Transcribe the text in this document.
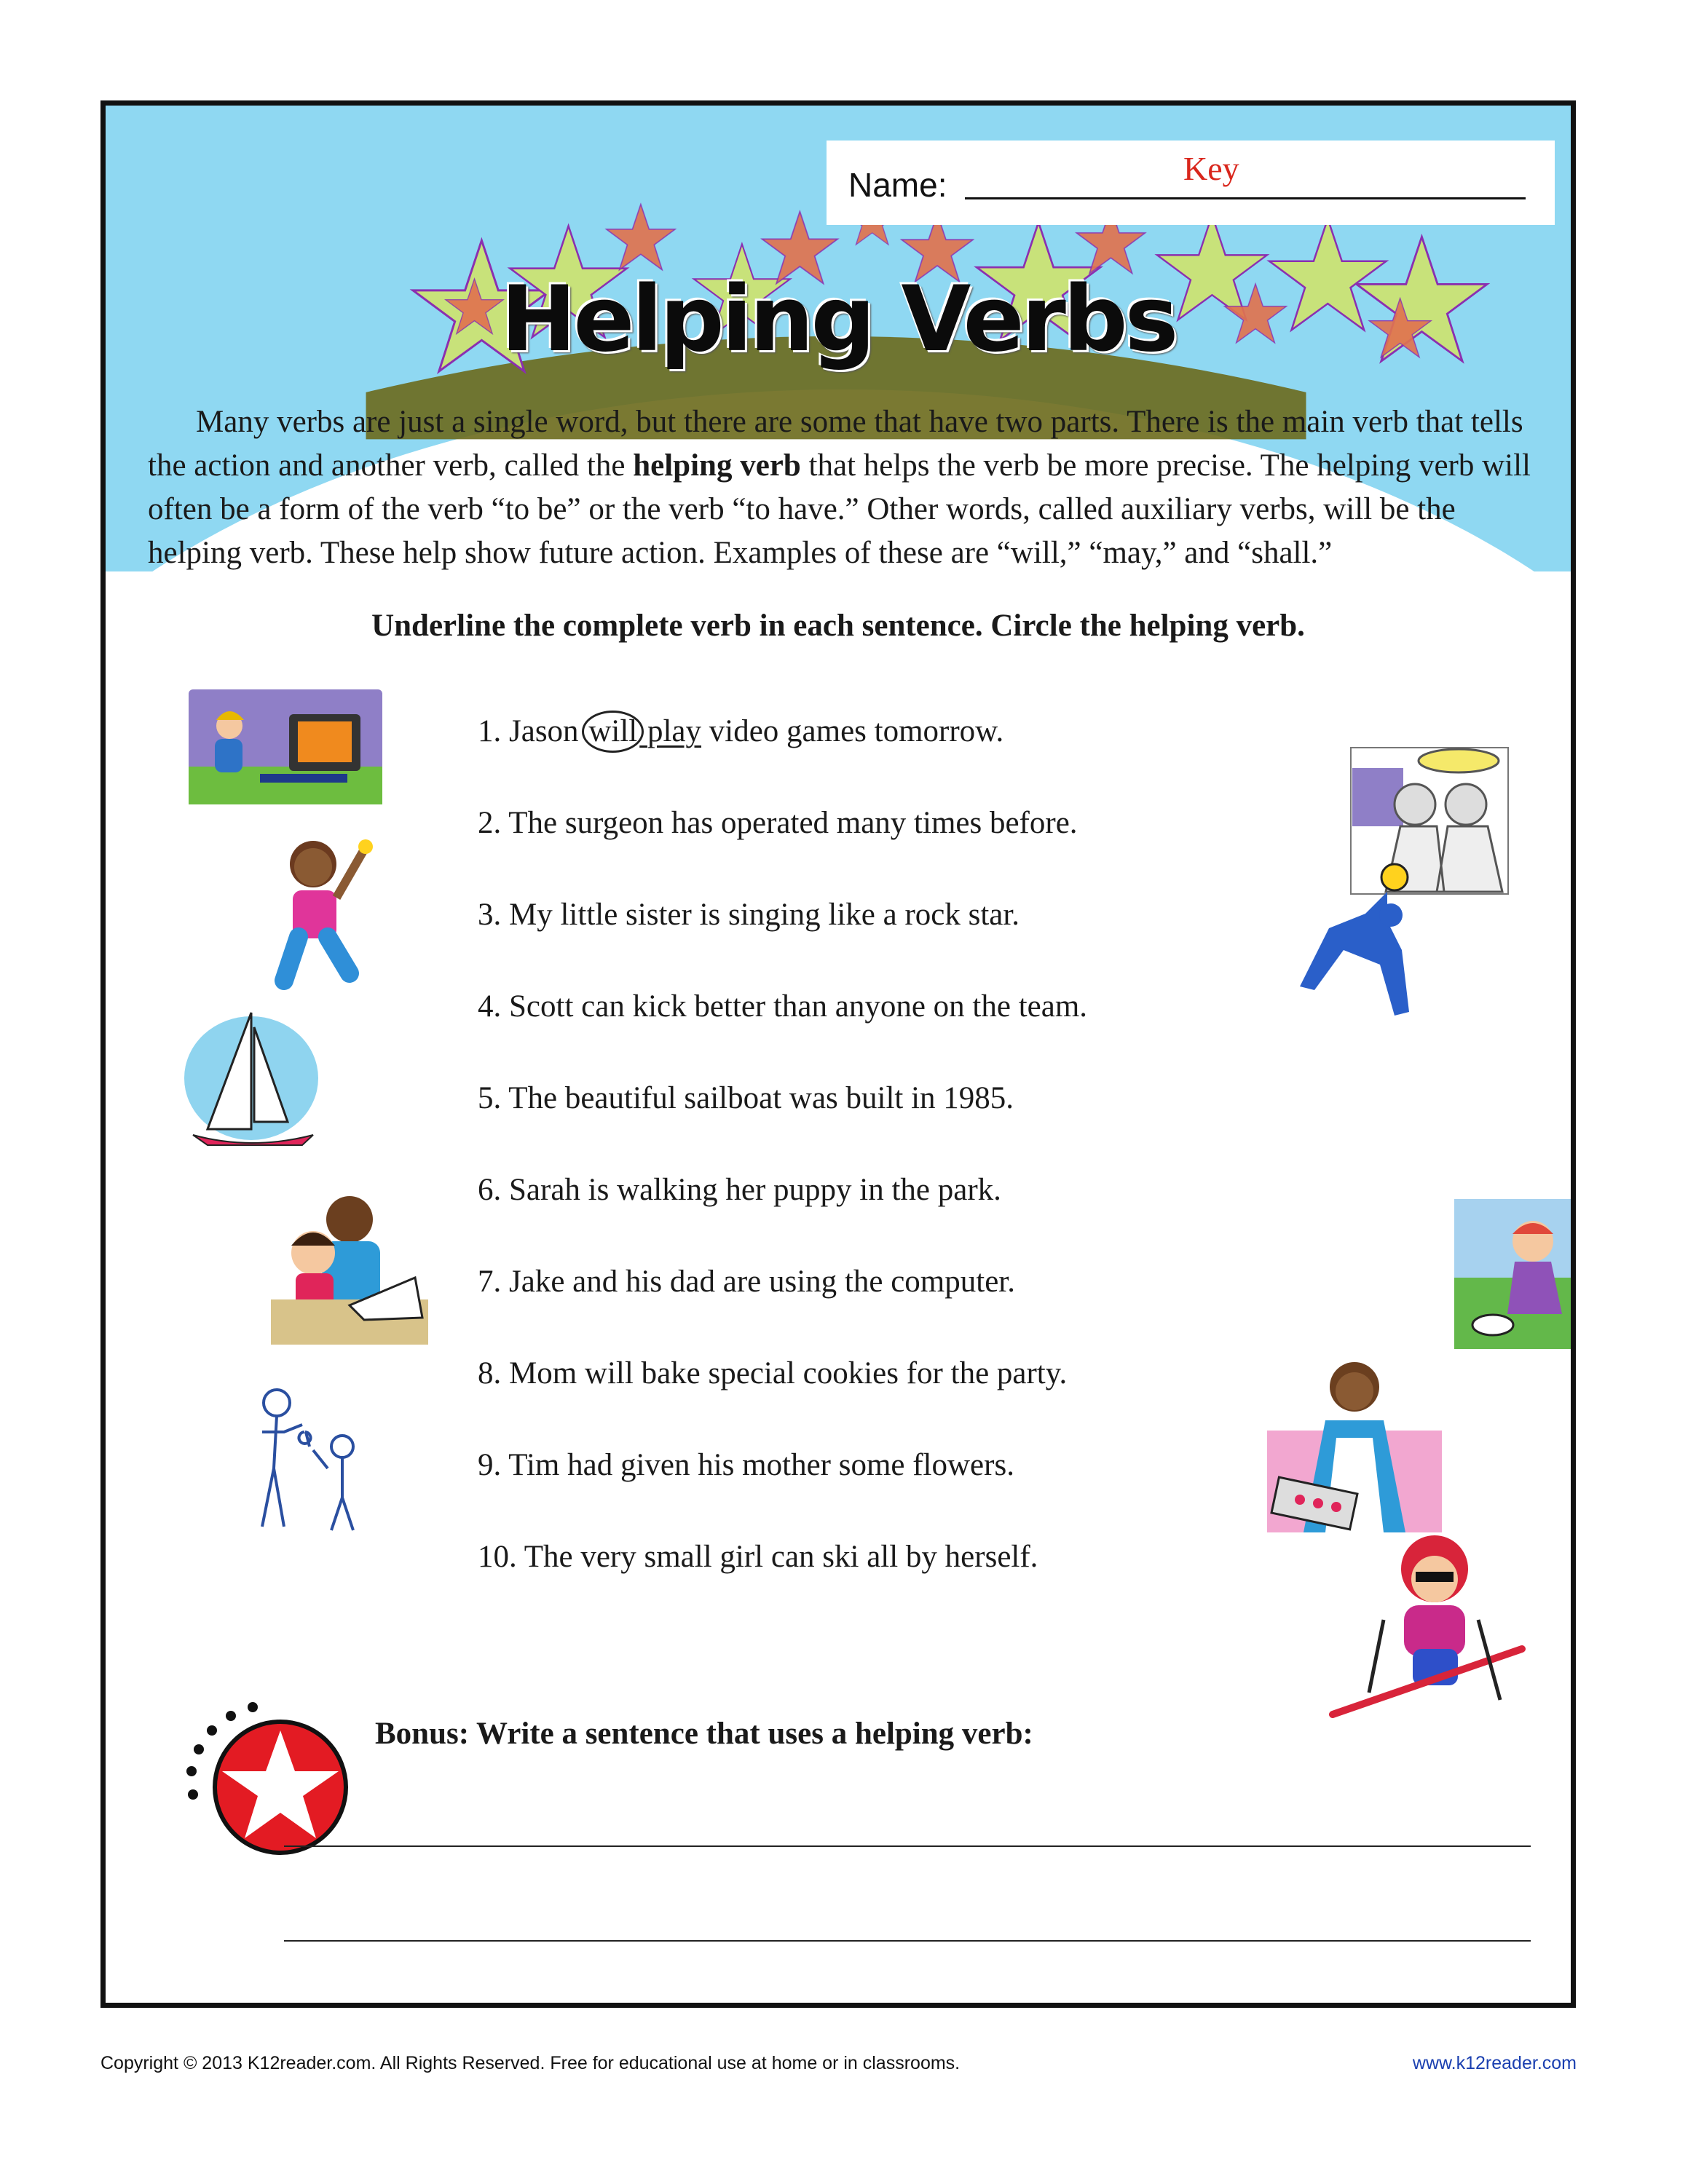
Name:	Key
Helping Verbs

Many verbs are just a single word, but there are some that have two parts. There is the main verb that tells the action and another verb, called the helping verb that helps the verb be more precise. The helping verb will often be a form of the verb “to be” or the verb “to have.” Other words, called auxiliary verbs, will be the helping verb. These help show future action. Examples of these are “will,” “may,” and “shall.”

Underline the complete verb in each sentence. Circle the helping verb.
1. Jason will play video games tomorrow.
2. The surgeon has operated many times before.
3. My little sister is singing like a rock star.
4. Scott can kick better than anyone on the team.
5. The beautiful sailboat was built in 1985.
6. Sarah is walking her puppy in the park.
7. Jake and his dad are using the computer.
8. Mom will bake special cookies for the party.
9. Tim had given his mother some flowers.
10. The very small girl can ski all by herself.
Bonus: Write a sentence that uses a helping verb:
Copyright © 2013 K12reader.com. All Rights Reserved. Free for educational use at home or in classrooms.	www.k12reader.com
